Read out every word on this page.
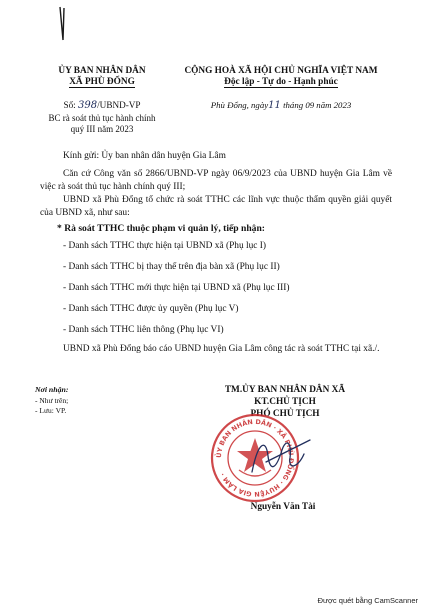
ỦY BAN NHÂN DÂN
XÃ PHÙ ĐỔNG
Số: 398/UBND-VP
BC rà soát thủ tục hành chính
quý III năm 2023
CỘNG HOÀ XÃ HỘI CHỦ NGHĨA VIỆT NAM
Độc lập - Tự do - Hạnh phúc
Phù Đổng, ngày11 tháng 09 năm 2023
Kính gửi: Ủy ban nhân dân huyện Gia Lâm
Căn cứ Công văn số 2866/UBND-VP ngày 06/9/2023 của UBND huyện Gia Lâm về việc rà soát thủ tục hành chính quý III;
UBND xã Phù Đổng tổ chức rà soát TTHC các lĩnh vực thuộc thẩm quyền giải quyết của UBND xã, như sau:
* Rà soát TTHC thuộc phạm vi quản lý, tiếp nhận:
- Danh sách TTHC thực hiện tại UBND xã (Phụ lục I)
- Danh sách TTHC bị thay thế trên địa bàn xã (Phụ lục II)
- Danh sách TTHC mới thực hiện tại UBND xã (Phụ lục III)
- Danh sách TTHC được ủy quyền (Phụ lục V)
- Danh sách TTHC liên thông (Phụ lục VI)
UBND xã Phù Đổng báo cáo UBND huyện Gia Lâm công tác rà soát TTHC tại xã./.
Nơi nhận:
- Như trên;
- Lưu: VP.
TM.ỦY BAN NHÂN DÂN XÃ
KT.CHỦ TỊCH
PHÓ CHỦ TỊCH
ỦY BAN NHÂN DÂN · XÃ PHÙ ĐỔNG · HUYỆN GIA LÂM ·
Nguyễn Văn Tài
Được quét bằng CamScanner
